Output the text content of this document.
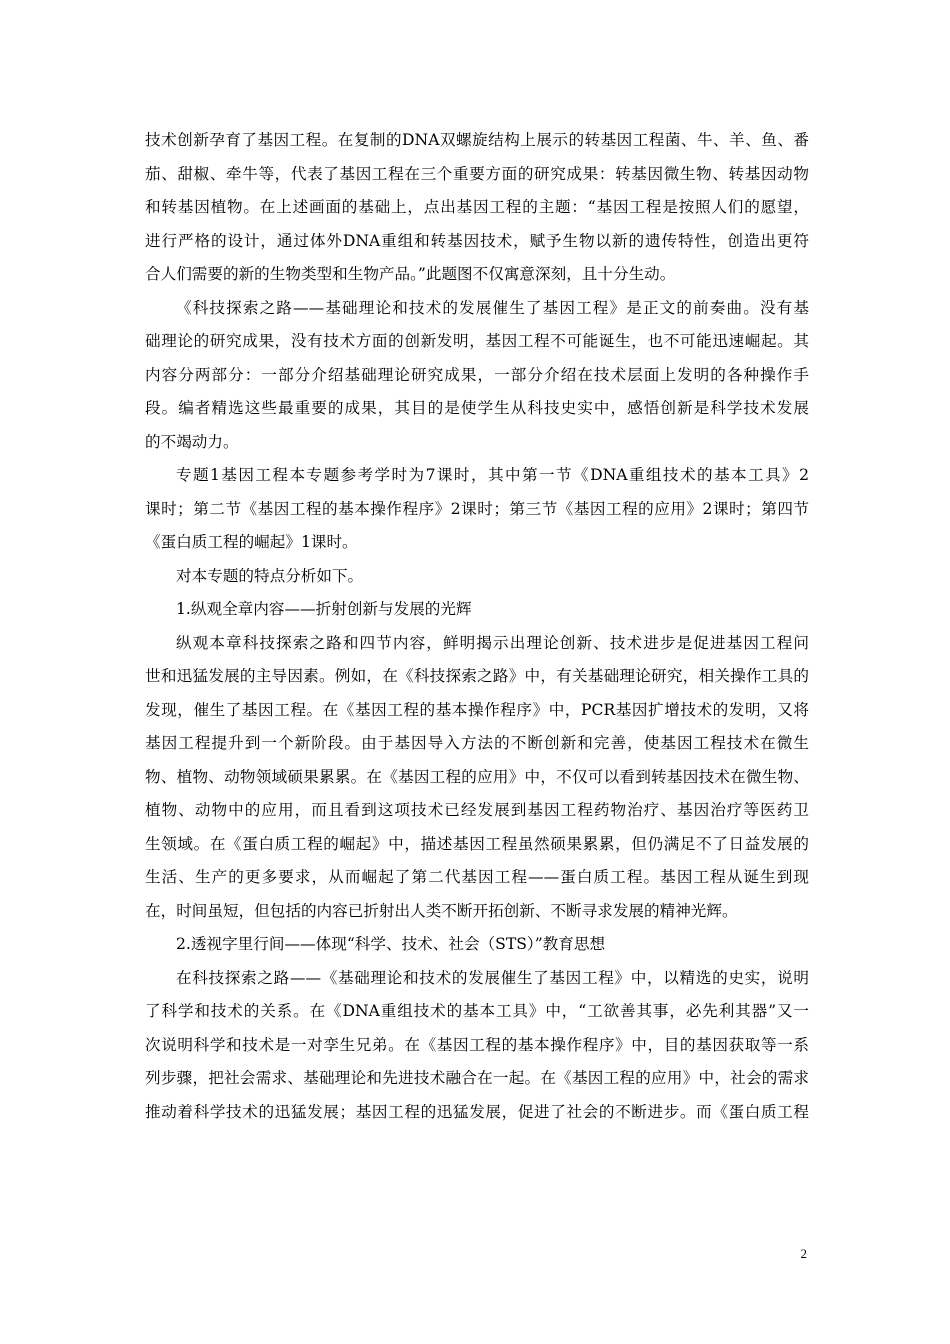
技术创新孕育了基因工程。在复制的DNA双螺旋结构上展示的转基因工程菌、牛、羊、鱼、番
茄、甜椒、牵牛等，代表了基因工程在三个重要方面的研究成果：转基因微生物、转基因动物
和转基因植物。在上述画面的基础上，点出基因工程的主题：“基因工程是按照人们的愿望，
进行严格的设计，通过体外DNA重组和转基因技术，赋予生物以新的遗传特性，创造出更符
合人们需要的新的生物类型和生物产品。”此题图不仅寓意深刻，且十分生动。
《科技探索之路——基础理论和技术的发展催生了基因工程》是正文的前奏曲。没有基
础理论的研究成果，没有技术方面的创新发明，基因工程不可能诞生，也不可能迅速崛起。其
内容分两部分：一部分介绍基础理论研究成果，一部分介绍在技术层面上发明的各种操作手
段。编者精选这些最重要的成果，其目的是使学生从科技史实中，感悟创新是科学技术发展
的不竭动力。
专题1基因工程本专题参考学时为7课时，其中第一节《DNA重组技术的基本工具》2
课时；第二节《基因工程的基本操作程序》2课时；第三节《基因工程的应用》2课时；第四节
《蛋白质工程的崛起》1课时。
对本专题的特点分析如下。
1.纵观全章内容——折射创新与发展的光辉
纵观本章科技探索之路和四节内容，鲜明揭示出理论创新、技术进步是促进基因工程问
世和迅猛发展的主导因素。例如，在《科技探索之路》中，有关基础理论研究，相关操作工具的
发现，催生了基因工程。在《基因工程的基本操作程序》中，PCR基因扩增技术的发明，又将
基因工程提升到一个新阶段。由于基因导入方法的不断创新和完善，使基因工程技术在微生
物、植物、动物领域硕果累累。在《基因工程的应用》中，不仅可以看到转基因技术在微生物、
植物、动物中的应用，而且看到这项技术已经发展到基因工程药物治疗、基因治疗等医药卫
生领域。在《蛋白质工程的崛起》中，描述基因工程虽然硕果累累，但仍满足不了日益发展的
生活、生产的更多要求，从而崛起了第二代基因工程——蛋白质工程。基因工程从诞生到现
在，时间虽短，但包括的内容已折射出人类不断开拓创新、不断寻求发展的精神光辉。
2.透视字里行间——体现“科学、技术、社会（STS）”教育思想
在科技探索之路——《基础理论和技术的发展催生了基因工程》中，以精选的史实，说明
了科学和技术的关系。在《DNA重组技术的基本工具》中，“工欲善其事，必先利其器”又一
次说明科学和技术是一对孪生兄弟。在《基因工程的基本操作程序》中，目的基因获取等一系
列步骤，把社会需求、基础理论和先进技术融合在一起。在《基因工程的应用》中，社会的需求
推动着科学技术的迅猛发展；基因工程的迅猛发展，促进了社会的不断进步。而《蛋白质工程
2
